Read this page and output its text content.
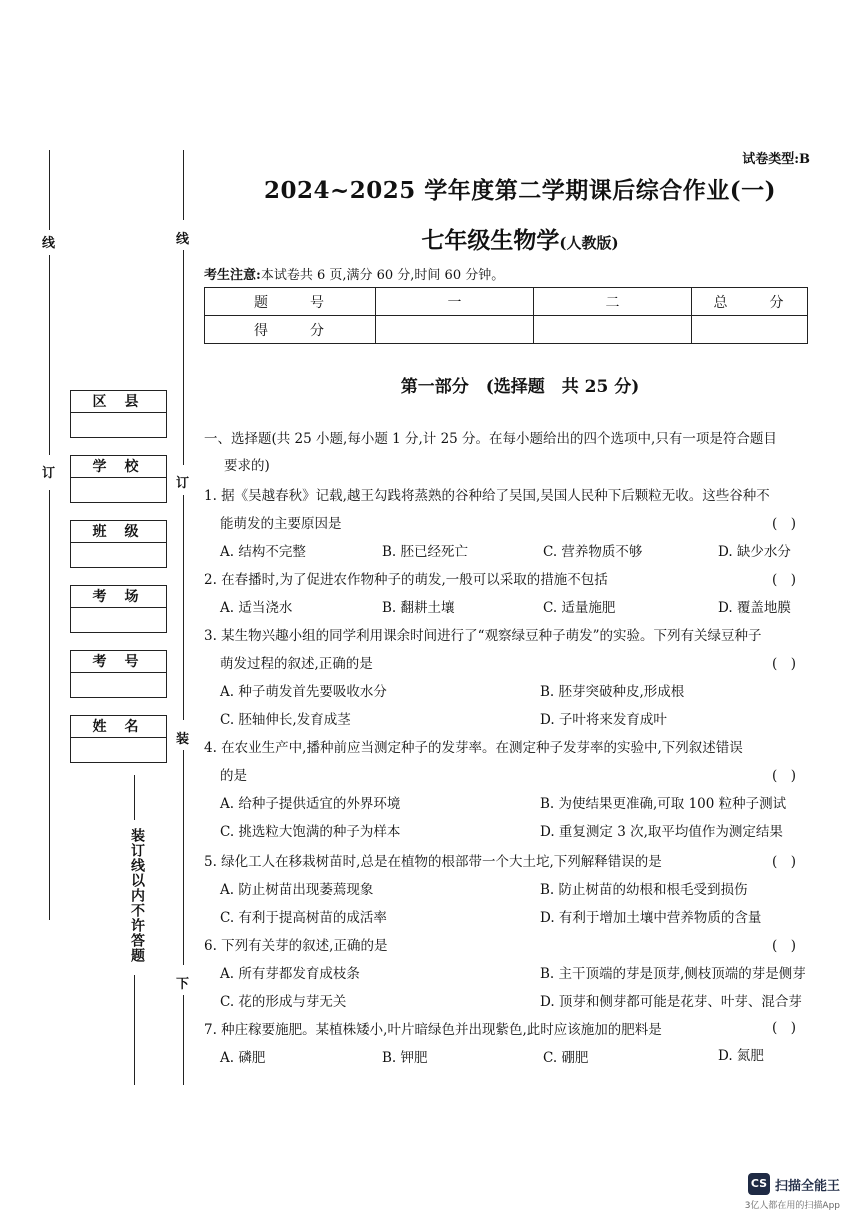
线
订
区县
学校
班级
考场
考号
姓名
装订线以内不许答题
线
订
装
下
试卷类型:B
2024~2025 学年度第二学期课后综合作业(一)
七年级生物学(人教版)
考生注意:本试卷共 6 页,满分 60 分,时间 60 分钟。
题　号	一	二	总　分
得　分			
第一部分　(选择题　共 25 分)
一、选择题(共 25 小题,每小题 1 分,计 25 分。在每小题给出的四个选项中,只有一项是符合题目
要求的)
1. 据《吴越春秋》记载,越王勾践将蒸熟的谷种给了吴国,吴国人民种下后颗粒无收。这些谷种不
能萌发的主要原因是	(　)
A. 结构不完整	B. 胚已经死亡	C. 营养物质不够	D. 缺少水分
2. 在春播时,为了促进农作物种子的萌发,一般可以采取的措施不包括	(　)
A. 适当浇水	B. 翻耕土壤	C. 适量施肥	D. 覆盖地膜
3. 某生物兴趣小组的同学利用课余时间进行了“观察绿豆种子萌发”的实验。下列有关绿豆种子
萌发过程的叙述,正确的是	(　)
A. 种子萌发首先要吸收水分	B. 胚芽突破种皮,形成根
C. 胚轴伸长,发育成茎	D. 子叶将来发育成叶
4. 在农业生产中,播种前应当测定种子的发芽率。在测定种子发芽率的实验中,下列叙述错误
的是	(　)
A. 给种子提供适宜的外界环境	B. 为使结果更准确,可取 100 粒种子测试
C. 挑选粒大饱满的种子为样本	D. 重复测定 3 次,取平均值作为测定结果
5. 绿化工人在移栽树苗时,总是在植物的根部带一个大土坨,下列解释错误的是	(　)
A. 防止树苗出现萎蔫现象	B. 防止树苗的幼根和根毛受到损伤
C. 有利于提高树苗的成活率	D. 有利于增加土壤中营养物质的含量
6. 下列有关芽的叙述,正确的是	(　)
A. 所有芽都发育成枝条	B. 主干顶端的芽是顶芽,侧枝顶端的芽是侧芽
C. 花的形成与芽无关	D. 顶芽和侧芽都可能是花芽、叶芽、混合芽
7. 种庄稼要施肥。某植株矮小,叶片暗绿色并出现紫色,此时应该施加的肥料是	(　)
A. 磷肥	B. 钾肥	C. 硼肥	D. 氮肥
CS 扫描全能王
3亿人都在用的扫描App
